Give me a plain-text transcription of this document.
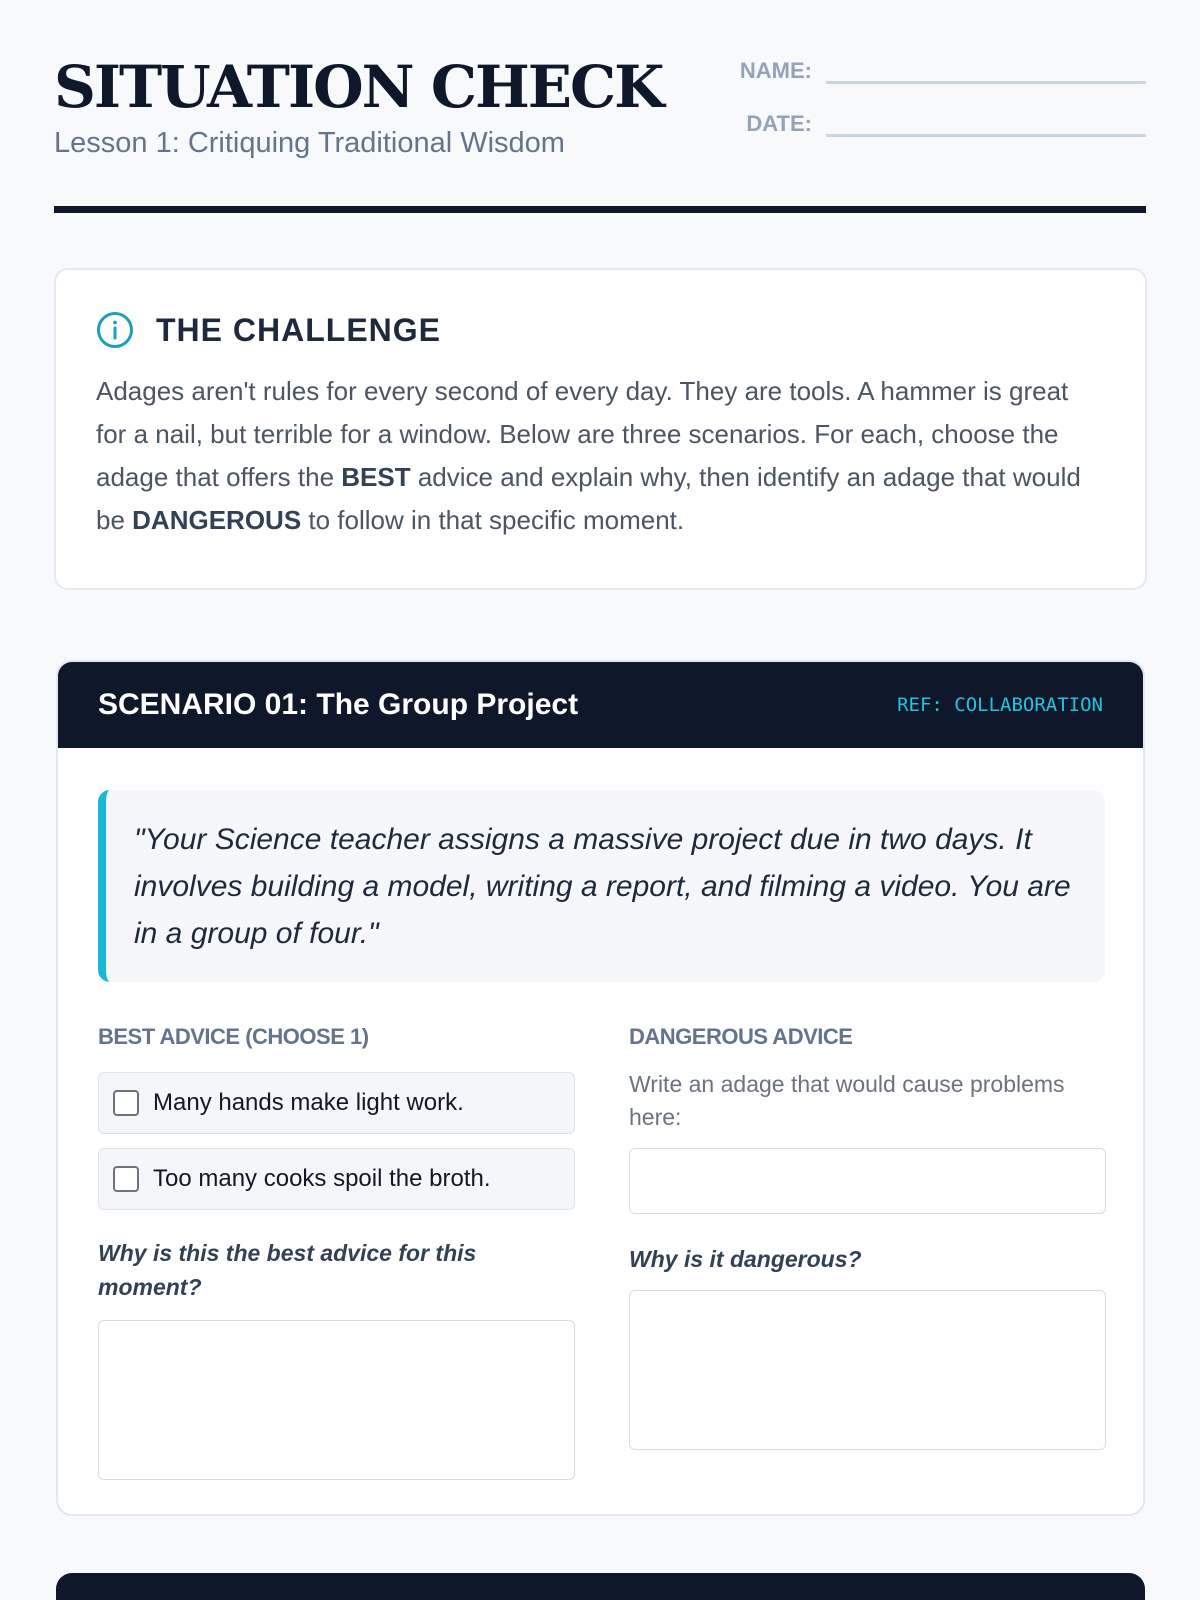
SITUATION CHECK
Lesson 1: Critiquing Traditional Wisdom
NAME:
DATE:
THE CHALLENGE

Adages aren't rules for every second of every day. They are tools. A hammer is great for a nail, but terrible for a window. Below are three scenarios. For each, choose the adage that offers the BEST advice and explain why, then identify an adage that would be DANGEROUS to follow in that specific moment.

SCENARIO 01: The Group Project	REF: COLLABORATION
"Your Science teacher assigns a massive project due in two days. It involves building a model, writing a report, and filming a video. You are in a group of four."
BEST ADVICE (CHOOSE 1)
Many hands make light work.
Too many cooks spoil the broth.
Why is this the best advice for this moment?
DANGEROUS ADVICE
Write an adage that would cause problems here:
Why is it dangerous?
